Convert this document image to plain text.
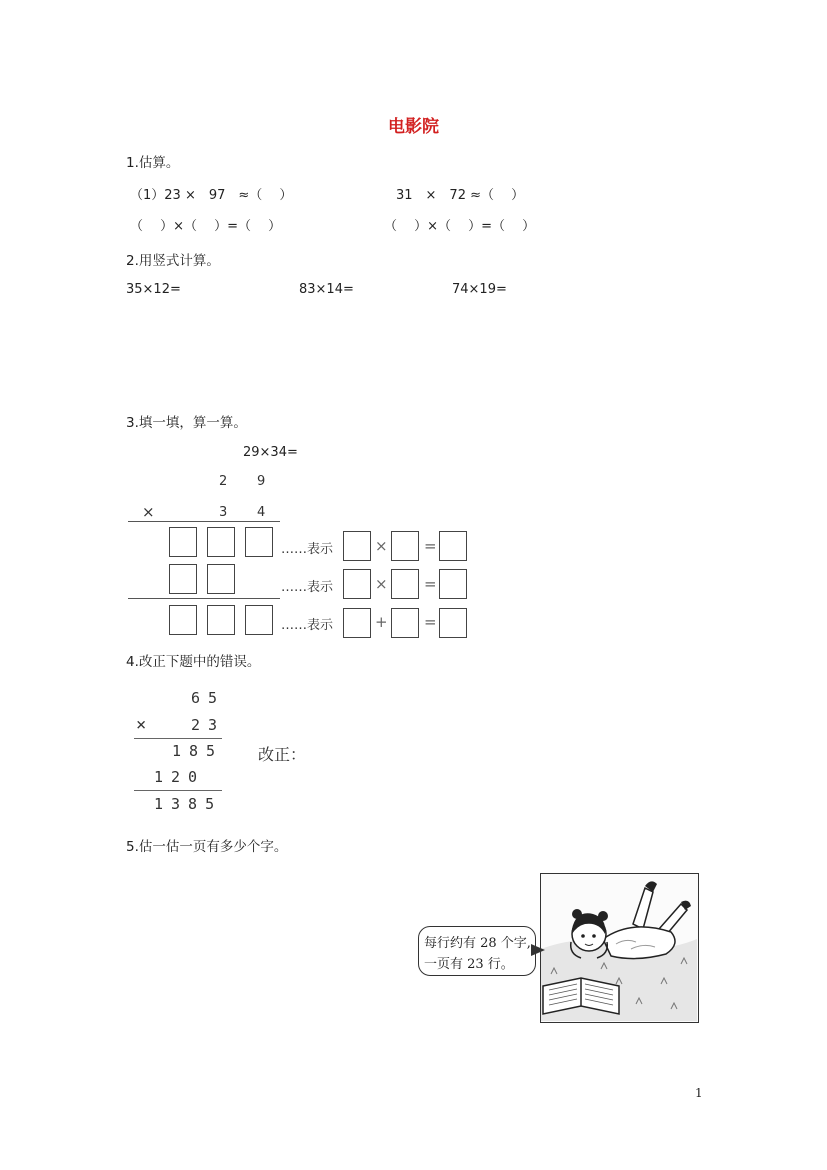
电影院
1.估算。
（1）23 ×　97　≈（　 ）	31　×　72 ≈（　 ）
（　 ）×（　 ）=（　 ）	（　 ）×（　 ）=（　 ）
2.用竖式计算。
35×12=	83×14=	74×19=
3.填一填，算一算。
29×34=
2 9
×	3 4
……表示	× =
……表示	× =
……表示	+ =
4.改正下题中的错误。
65
× 23
185
120
1385
改正：
5.估一估一页有多少个字。
每行约有 28 个字,
一页有 23 行。
1
